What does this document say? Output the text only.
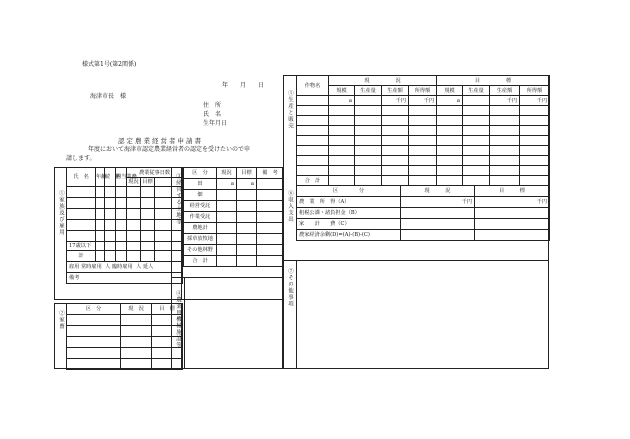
様式第1号(第2関係)
年　　月　　日
海津市長　様
住　所
氏　名
生年月日
認定農業経営者申請書
年度において海津市認定農業経営者の認定を受けたいので申
請します。
①家族及び雇用
氏　名	年齢	続　柄	担当業務	農業従事日数		
				現況	目標	

17歳以下						
計						
雇用 常時雇用 人 臨時雇用 人 延人						
備考						
②家畜
区　分	現　況	目　標

③経営する土地等 区　分	現況	目標	備　考
田	a	a	
畑			
経営受託			
作業受託			
農地計			
採草放牧地			
その他林野			
合　計			
④農業用機械施設等
⑤生産と販売
作物名	現　　　　　況				目　　　　　標			
	規模	生産量	生産額	所得額	規模	生産量	生産額	所得額
	a		千円	千円	a		千円	千円

合　計								
⑥収入支出	区　　　　分	現　　　況	目　　　標
農　業　所　得（A）	千円	千円
租税公課・諸負担金（B）		
家　　計　　費（C）		
農家経済余剰(D)=(A)-(B)-(C)		
⑦その他事項
